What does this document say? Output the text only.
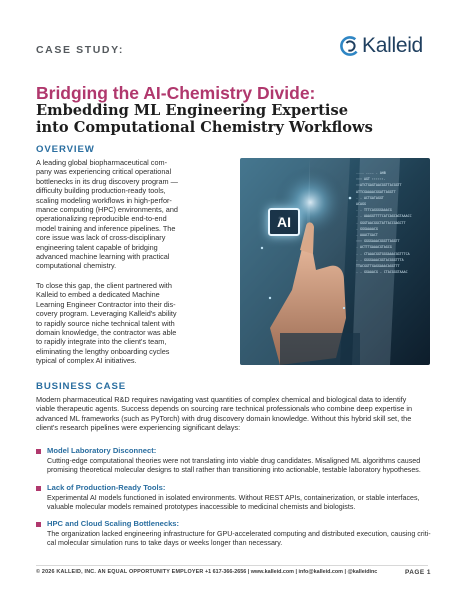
CASE STUDY:	Kalleid
Bridging the AI-Chemistry Divide:
Embedding ML Engineering Expertise
into Computational Chemistry Workflows
OVERVIEW
A leading global biopharmaceutical com-
pany was experiencing critical operational
bottlenecks in its drug discovery program —
difficulty building production-ready tools,
scaling modeling workflows in high-perfor-
mance computing (HPC) environments, and
operationalizing reproducible end-to-end
model training and inference pipelines. The
core issue was lack of cross-disciplinary
engineering talent capable of bridging
advanced machine learning with practical
computational chemistry.
To close this gap, the client partnered with
Kalleid to embed a dedicated Machine
Learning Engineer Contractor into their dis-
covery program. Leveraging Kalleid's ability
to rapidly source niche technical talent with
domain knowledge, the contractor was able
to rapidly integrate into the client's team,
eliminating the lengthy onboarding cycles
typical of complex AI initiatives.
AI
-.-- ---- . AHB
::: AGT ::::::.
::ATCTGAGTAACGGTTACGGTT
ATTCGAAAACGGATTAGGTT
- - ACTGATAGGT
ACAGG
- - TTTCAGGGGAAACG
- - AAAGGTTTTCATCAGCAGTAAACC
- GGGTAACGGCTATTACCGAGCTT
- GGGAAAACG
- AAACTGACT
::: GGGGAAACGGGTTAGGTT
- ACTTTGAAACGTAGCG
- - CTAAACGGTGGGAAACGGTTTCA
- - GGGGAAACGGTACGGGTTTA
TTACGGTTGAGGAAACAGGTTT
- - GGAAACG - CTACGGGTAAAC
BUSINESS CASE
Modern pharmaceutical R&D requires navigating vast quantities of complex chemical and biological data to identify
viable therapeutic agents. Success depends on sourcing rare technical professionals who combine deep expertise in
advanced ML frameworks (such as PyTorch) with drug discovery domain knowledge. Without this hybrid skill set, the
client's research pipelines were experiencing significant delays:
Model Laboratory Disconnect:
Cutting-edge computational theories were not translating into viable drug candidates. Misaligned ML algorithms caused
promising theoretical molecular designs to stall rather than transitioning into actionable, testable laboratory hypotheses.
Lack of Production-Ready Tools:
Experimental AI models functioned in isolated environments. Without REST APIs, containerization, or stable interfaces,
valuable molecular models remained prototypes inaccessible to medicinal chemists and biologists.
HPC and Cloud Scaling Bottlenecks:
The organization lacked engineering infrastructure for GPU-accelerated computing and distributed execution, causing criti-
cal molecular simulation runs to take days or weeks longer than necessary.
© 2026 KALLEID, INC. AN EQUAL OPPORTUNITY EMPLOYER +1 617-366-2656 | www.kalleid.com | info@kalleid.com | @kalleidinc	PAGE 1
